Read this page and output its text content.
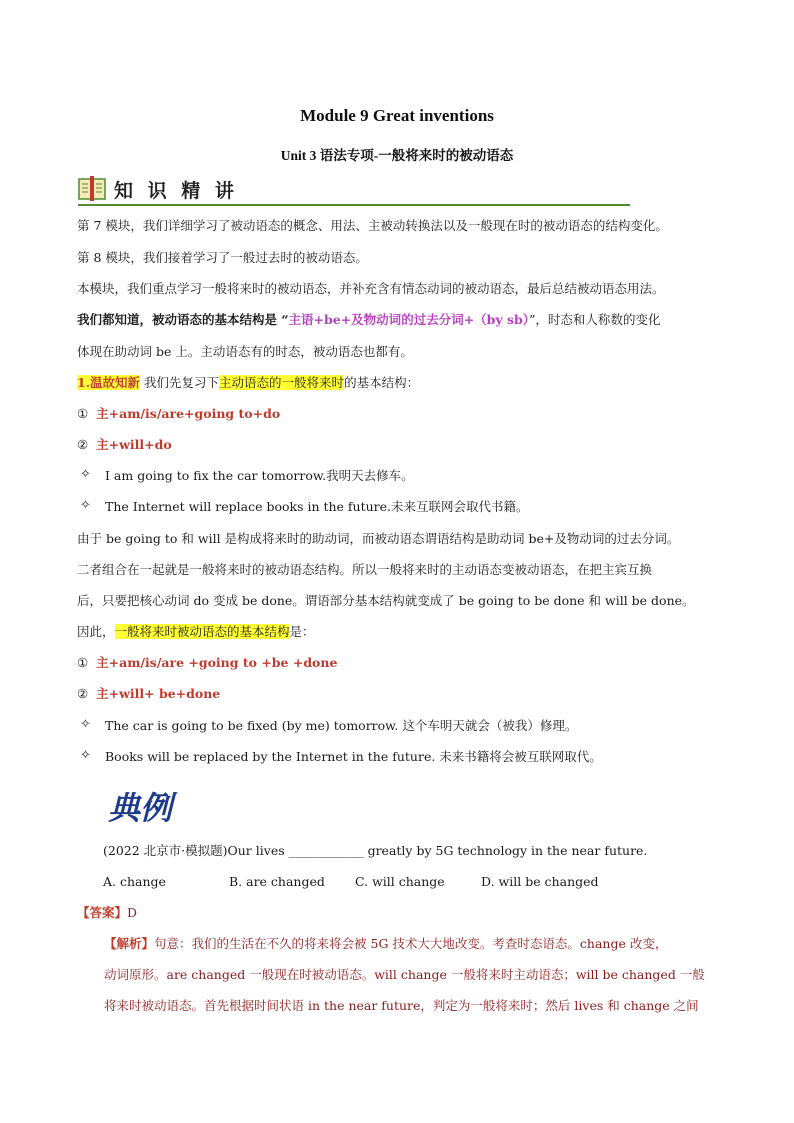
Module 9 Great inventions
Unit 3 语法专项-一般将来时的被动语态
知 识 精 讲
第 7 模块，我们详细学习了被动语态的概念、用法、主被动转换法以及一般现在时的被动语态的结构变化。
第 8 模块，我们接着学习了一般过去时的被动语态。
本模块，我们重点学习一般将来时的被动语态，并补充含有情态动词的被动语态，最后总结被动语态用法。
我们都知道，被动语态的基本结构是 “主语+be+及物动词的过去分词+（by sb）”，时态和人称数的变化
体现在助动词 be 上。主动语态有的时态，被动语态也都有。
1.温故知新 我们先复习下主动语态的一般将来时的基本结构：
① 主+am/is/are+going to+do
② 主+will+do
✧ I am going to fix the car tomorrow.我明天去修车。
✧ The Internet will replace books in the future.未来互联网会取代书籍。
由于 be going to 和 will 是构成将来时的助动词，而被动语态谓语结构是助动词 be+及物动词的过去分词。
二者组合在一起就是一般将来时的被动语态结构。所以一般将来时的主动语态变被动语态，在把主宾互换
后，只要把核心动词 do 变成 be done。谓语部分基本结构就变成了 be going to be done 和 will be done。
因此，一般将来时被动语态的基本结构是：
① 主+am/is/are +going to +be +done
② 主+will+ be+done
✧ The car is going to be fixed (by me) tomorrow. 这个车明天就会（被我）修理。
✧ Books will be replaced by the Internet in the future. 未来书籍将会被互联网取代。
典例
(2022 北京市·模拟题)Our lives ____________ greatly by 5G technology in the near future.
A. change	B. are changed C. will change	D. will be changed
【答案】D
【解析】句意：我们的生活在不久的将来将会被 5G 技术大大地改变。考查时态语态。change 改变，
动词原形。are changed 一般现在时被动语态。will change 一般将来时主动语态；will be changed 一般
将来时被动语态。首先根据时间状语 in the near future，判定为一般将来时；然后 lives 和 change 之间
